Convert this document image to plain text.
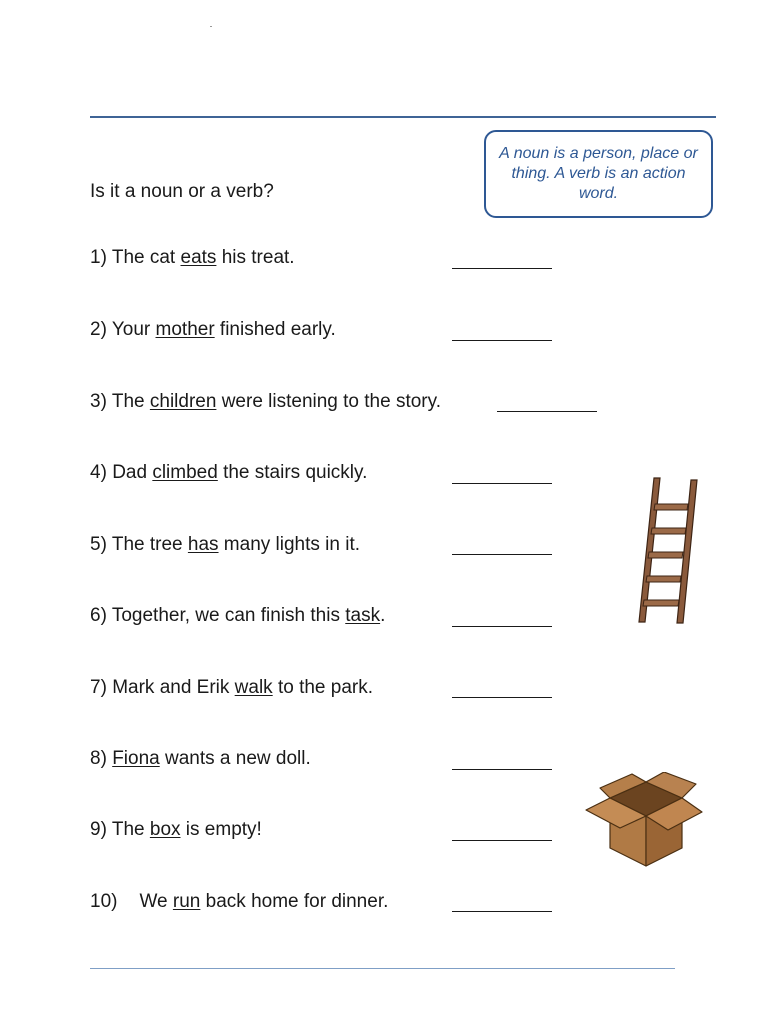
A noun is a person, place or thing. A verb is an action word.
Is it a noun or a verb?
1) The cat eats his treat.
2) Your mother finished early.
3) The children were listening to the story.
4) Dad climbed the stairs quickly.
5) The tree has many lights in it.
6) Together, we can finish this task.
7) Mark and Erik walk to the park.
8) Fiona wants a new doll.
9) The box is empty!
10) We run back home for dinner.
